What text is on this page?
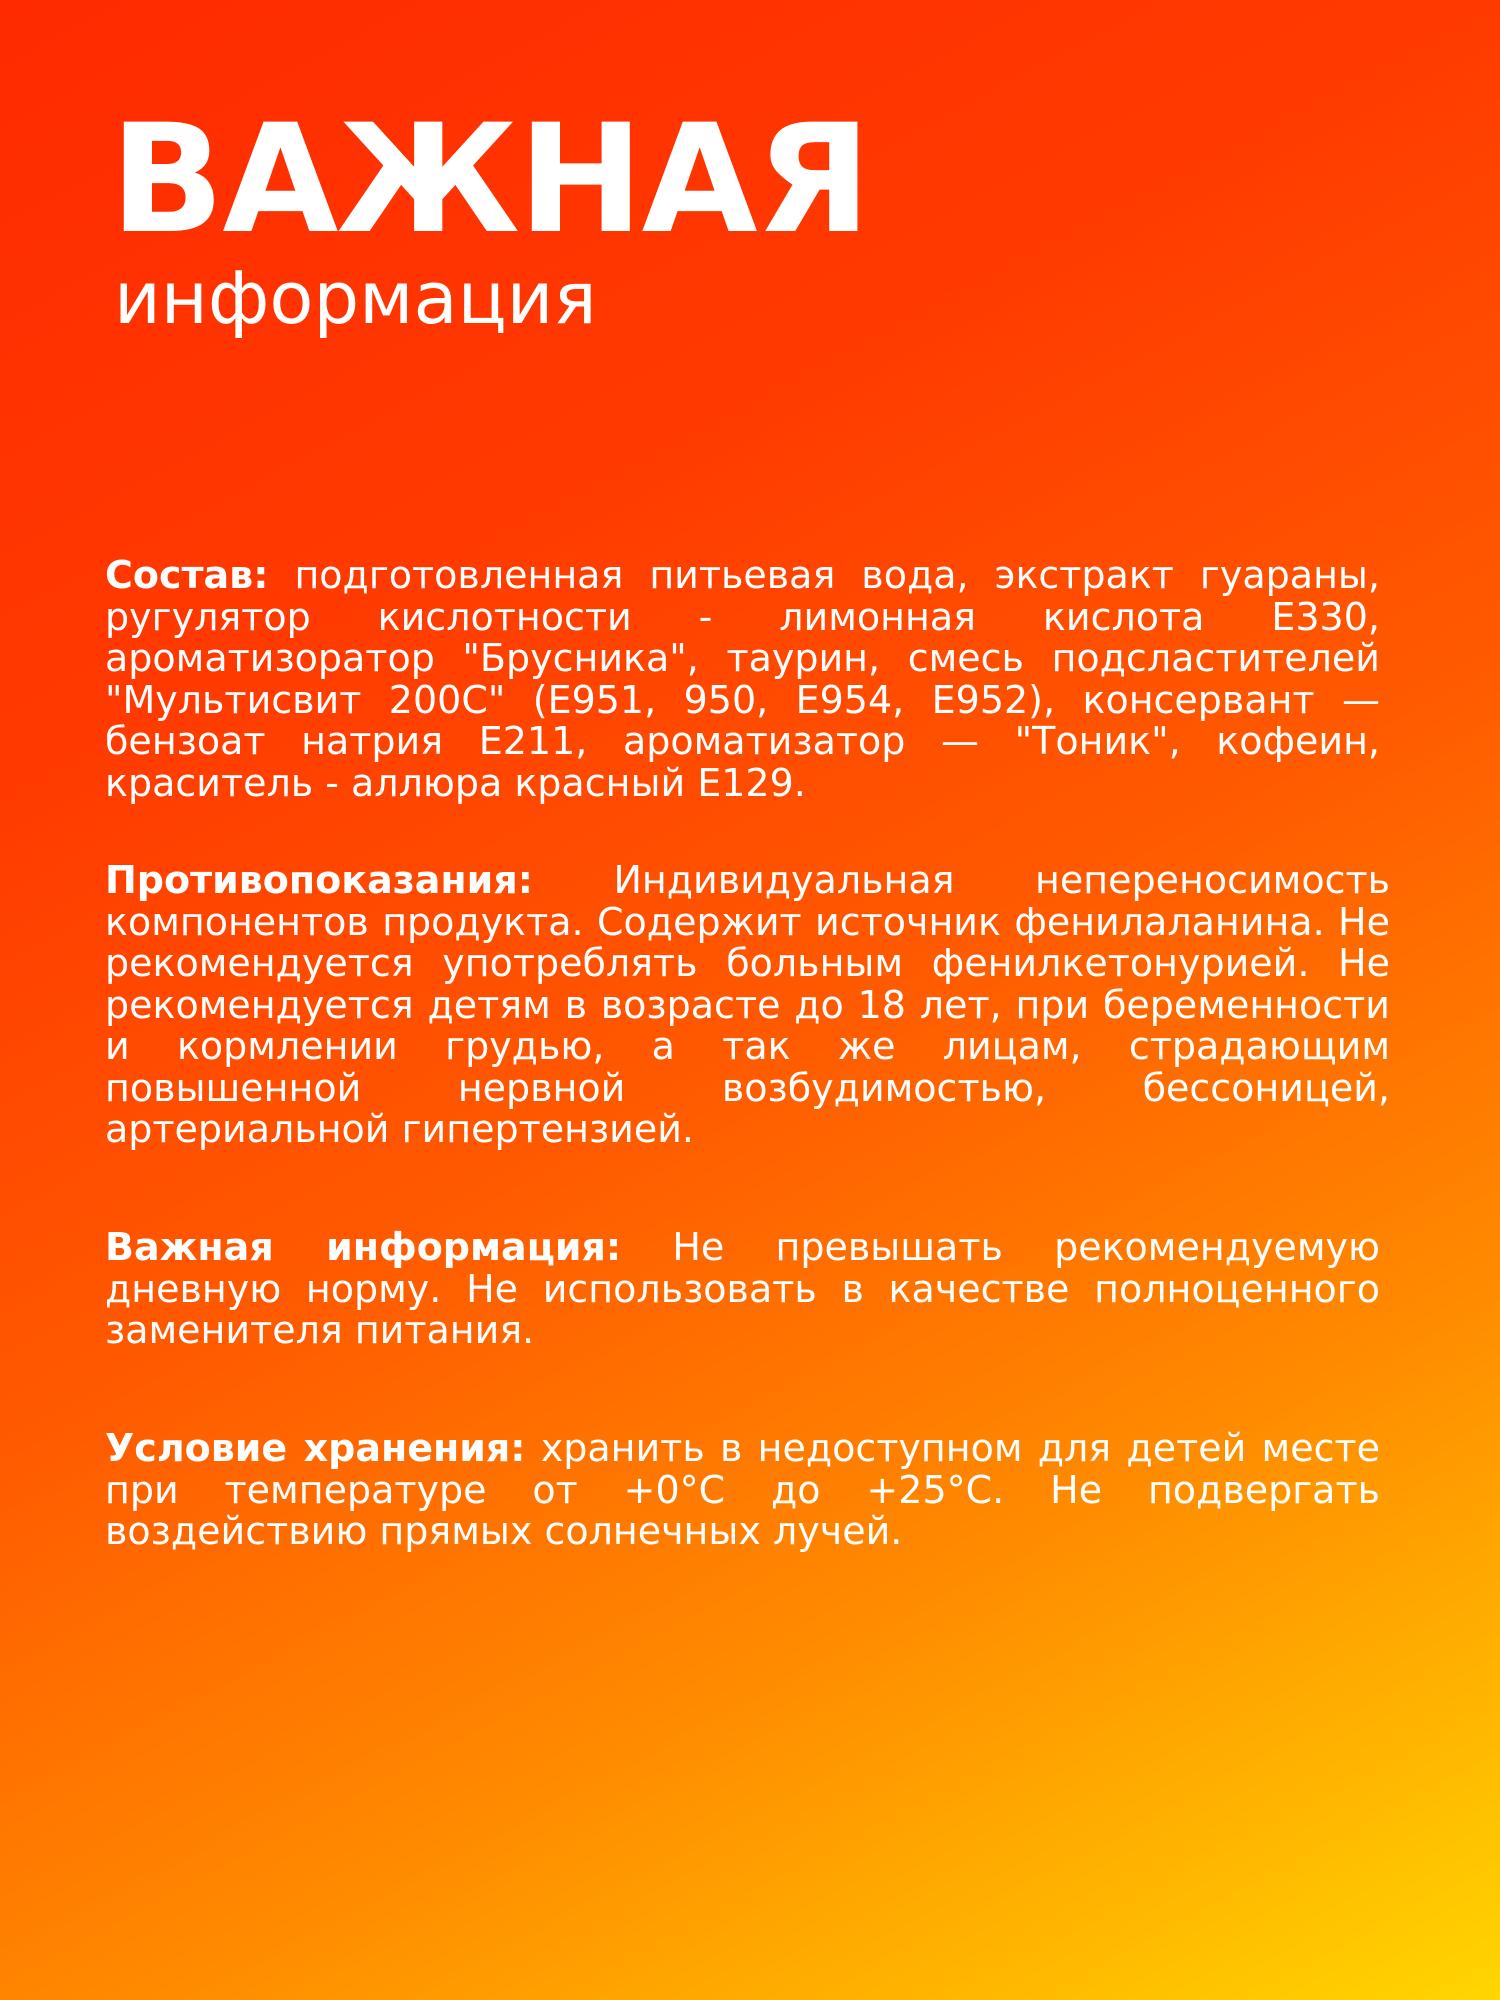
ВАЖНАЯ
информация

Состав: подготовленная питьевая вода, экстракт гуараны, ругулятор кислотности - лимонная кислота Е330, ароматизоратор "Брусника", таурин, смесь подсластителей "Мультисвит 200С" (Е951, 950, Е954, Е952), консервант — бензоат натрия Е211, ароматизатор — "Тоник", кофеин, краситель - аллюра красный Е129.

Противопоказания: Индивидуальная непереносимость компонентов продукта. Содержит источник фенилаланина. Не рекомендуется употреблять больным фенилкетонурией. Не рекомендуется детям в возрасте до 18 лет, при беременности и кормлении грудью, а так же лицам, страдающим повышенной нервной возбудимостью, бессоницей, артериальной гипертензией.

Важная информация: Не превышать рекомендуемую дневную норму. Не использовать в качестве полноценного заменителя питания.

Условие хранения: хранить в недоступном для детей месте при температуре от +0°С до +25°С. Не подвергать воздействию прямых солнечных лучей.
